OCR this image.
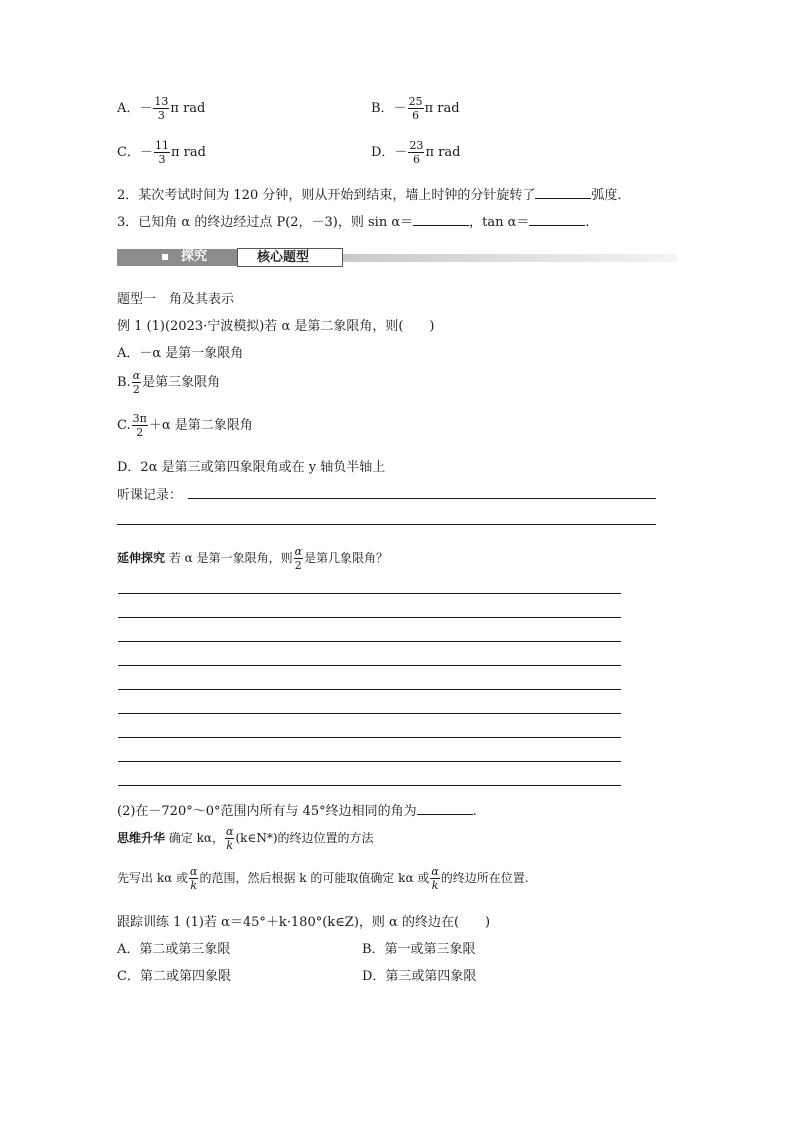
A．－ $\frac{13}{3}$ π rad	B．－ $\frac{25}{6}$ π rad
C．－ $\frac{11}{3}$ π rad	D．－ $\frac{23}{6}$ π rad
2．某次考试时间为 120 分钟，则从开始到结束，墙上时钟的分针旋转了	弧度．
3．已知角 α 的终边经过点 P(2，－3)，则 sin α＝	，tan α＝	.
探究	核心题型
题型一　角及其表示
例 1 (1)(2023·宁波模拟)若 α 是第二象限角，则(　　)
A．－α 是第一象限角
B. $\frac{\alpha}{2}$ 是第三象限角
C. $\frac{3\pi}{2} +\alpha$ 是第二象限角
D．2α 是第三或第四象限角或在 y 轴负半轴上
听课记录：
延伸探究 若 α 是第一象限角，则 $\frac{\alpha}{2}$ 是第几象限角？
(2)在－720°～0°范围内所有与 45°终边相同的角为	.
思维升华 确定 kα， $\frac{\alpha}{k}$ (k∈N*)的终边位置的方法
先写出 kα 或 $\frac{\alpha}{k}$ 的范围，然后根据 k 的可能取值确定 kα 或 $\frac{\alpha}{k}$ 的终边所在位置.
跟踪训练 1 (1)若 α＝45°＋k·180°(k∈Z)，则 α 的终边在(　　)
A．第二或第三象限	B．第一或第三象限
C．第二或第四象限	D．第三或第四象限
